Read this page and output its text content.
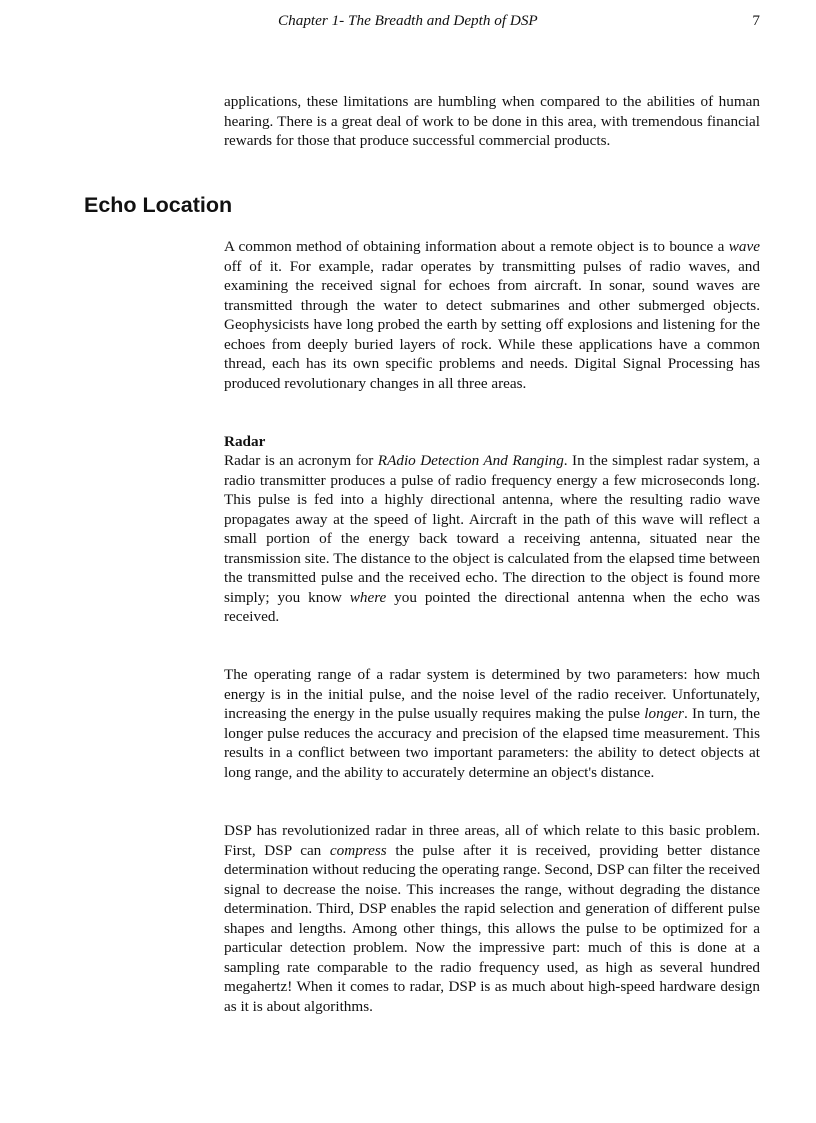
Chapter 1- The Breadth and Depth of DSP	7

applications, these limitations are humbling when compared to the abilities of human hearing. There is a great deal of work to be done in this area, with tremendous financial rewards for those that produce successful commercial products.

Echo Location

A common method of obtaining information about a remote object is to bounce a wave off of it. For example, radar operates by transmitting pulses of radio waves, and examining the received signal for echoes from aircraft. In sonar, sound waves are transmitted through the water to detect submarines and other submerged objects. Geophysicists have long probed the earth by setting off explosions and listening for the echoes from deeply buried layers of rock. While these applications have a common thread, each has its own specific problems and needs. Digital Signal Processing has produced revolutionary changes in all three areas.

Radar

Radar is an acronym for RAdio Detection And Ranging. In the simplest radar system, a radio transmitter produces a pulse of radio frequency energy a few microseconds long. This pulse is fed into a highly directional antenna, where the resulting radio wave propagates away at the speed of light. Aircraft in the path of this wave will reflect a small portion of the energy back toward a receiving antenna, situated near the transmission site. The distance to the object is calculated from the elapsed time between the transmitted pulse and the received echo. The direction to the object is found more simply; you know where you pointed the directional antenna when the echo was received.

The operating range of a radar system is determined by two parameters: how much energy is in the initial pulse, and the noise level of the radio receiver. Unfortunately, increasing the energy in the pulse usually requires making the pulse longer. In turn, the longer pulse reduces the accuracy and precision of the elapsed time measurement. This results in a conflict between two important parameters: the ability to detect objects at long range, and the ability to accurately determine an object's distance.

DSP has revolutionized radar in three areas, all of which relate to this basic problem. First, DSP can compress the pulse after it is received, providing better distance determination without reducing the operating range. Second, DSP can filter the received signal to decrease the noise. This increases the range, without degrading the distance determination. Third, DSP enables the rapid selection and generation of different pulse shapes and lengths. Among other things, this allows the pulse to be optimized for a particular detection problem. Now the impressive part: much of this is done at a sampling rate comparable to the radio frequency used, as high as several hundred megahertz! When it comes to radar, DSP is as much about high-speed hardware design as it is about algorithms.
